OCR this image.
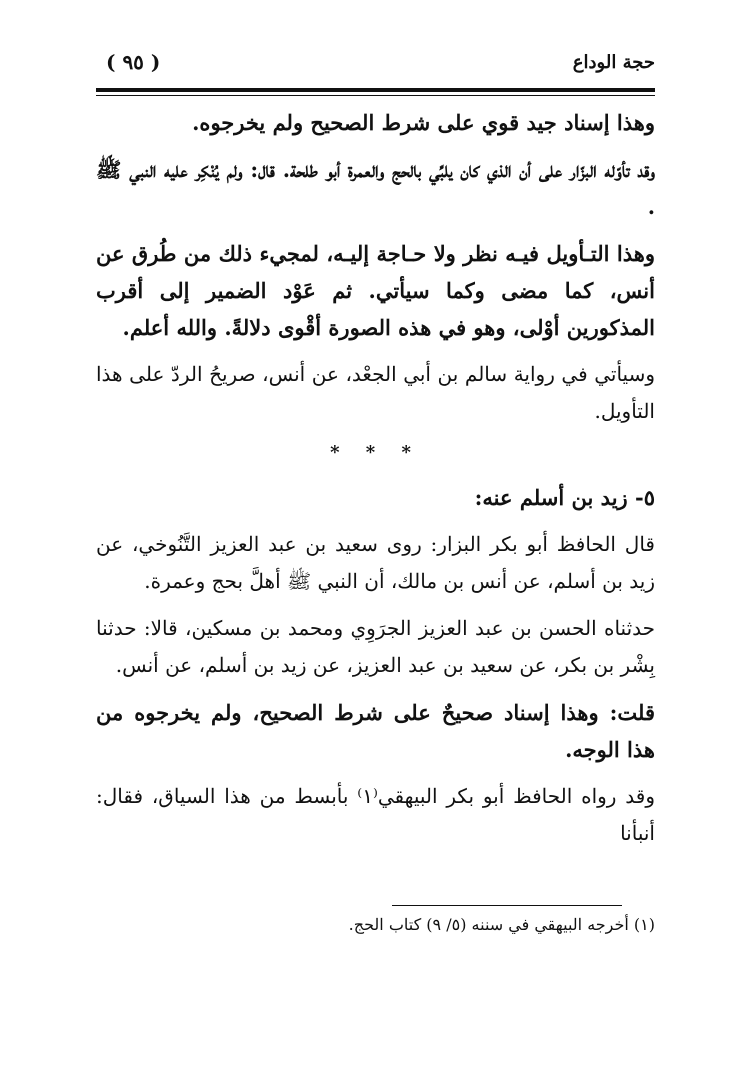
حجة الوداع
( ٩٥ )

وهذا إسناد جيد قوي على شرط الصحيح ولم يخرجوه.

وقد تأوّله البزّار على أن الذي كان يلبِّي بالحج والعمرة أبو طلحة. قال: ولم يُنْكِر عليه النبي ﷺ .

وهذا التـأويل فيـه نظر ولا حـاجة إليـه، لمجيء ذلك من طُرق عن أنس، كما مضى وكما سيأتي. ثم عَوْد الضمير إلى أقرب المذكورين أوْلى، وهو في هذه الصورة أقْوى دلالةً. والله أعلم.

وسيأتي في رواية سالم بن أبي الجعْد، عن أنس، صريحُ الردّ على هذا التأويل.

* * *

٥- زيد بن أسلم عنه:

قال الحافظ أبو بكر البزار: روى سعيد بن عبد العزيز التَّنُوخي، عن زيد بن أسلم، عن أنس بن مالك، أن النبي ﷺ أهلَّ بحج وعمرة.

حدثناه الحسن بن عبد العزيز الجرَوِي ومحمد بن مسكين، قالا: حدثنا بِشْر بن بكر، عن سعيد بن عبد العزيز، عن زيد بن أسلم، عن أنس.

قلت: وهذا إسناد صحيحٌ على شرط الصحيح، ولم يخرجوه من هذا الوجه.

وقد رواه الحافظ أبو بكر البيهقي⁽١⁾ بأبسط من هذا السياق، فقال: أنبأنا

(١) أخرجه البيهقي في سننه (٥/ ٩) كتاب الحج.
